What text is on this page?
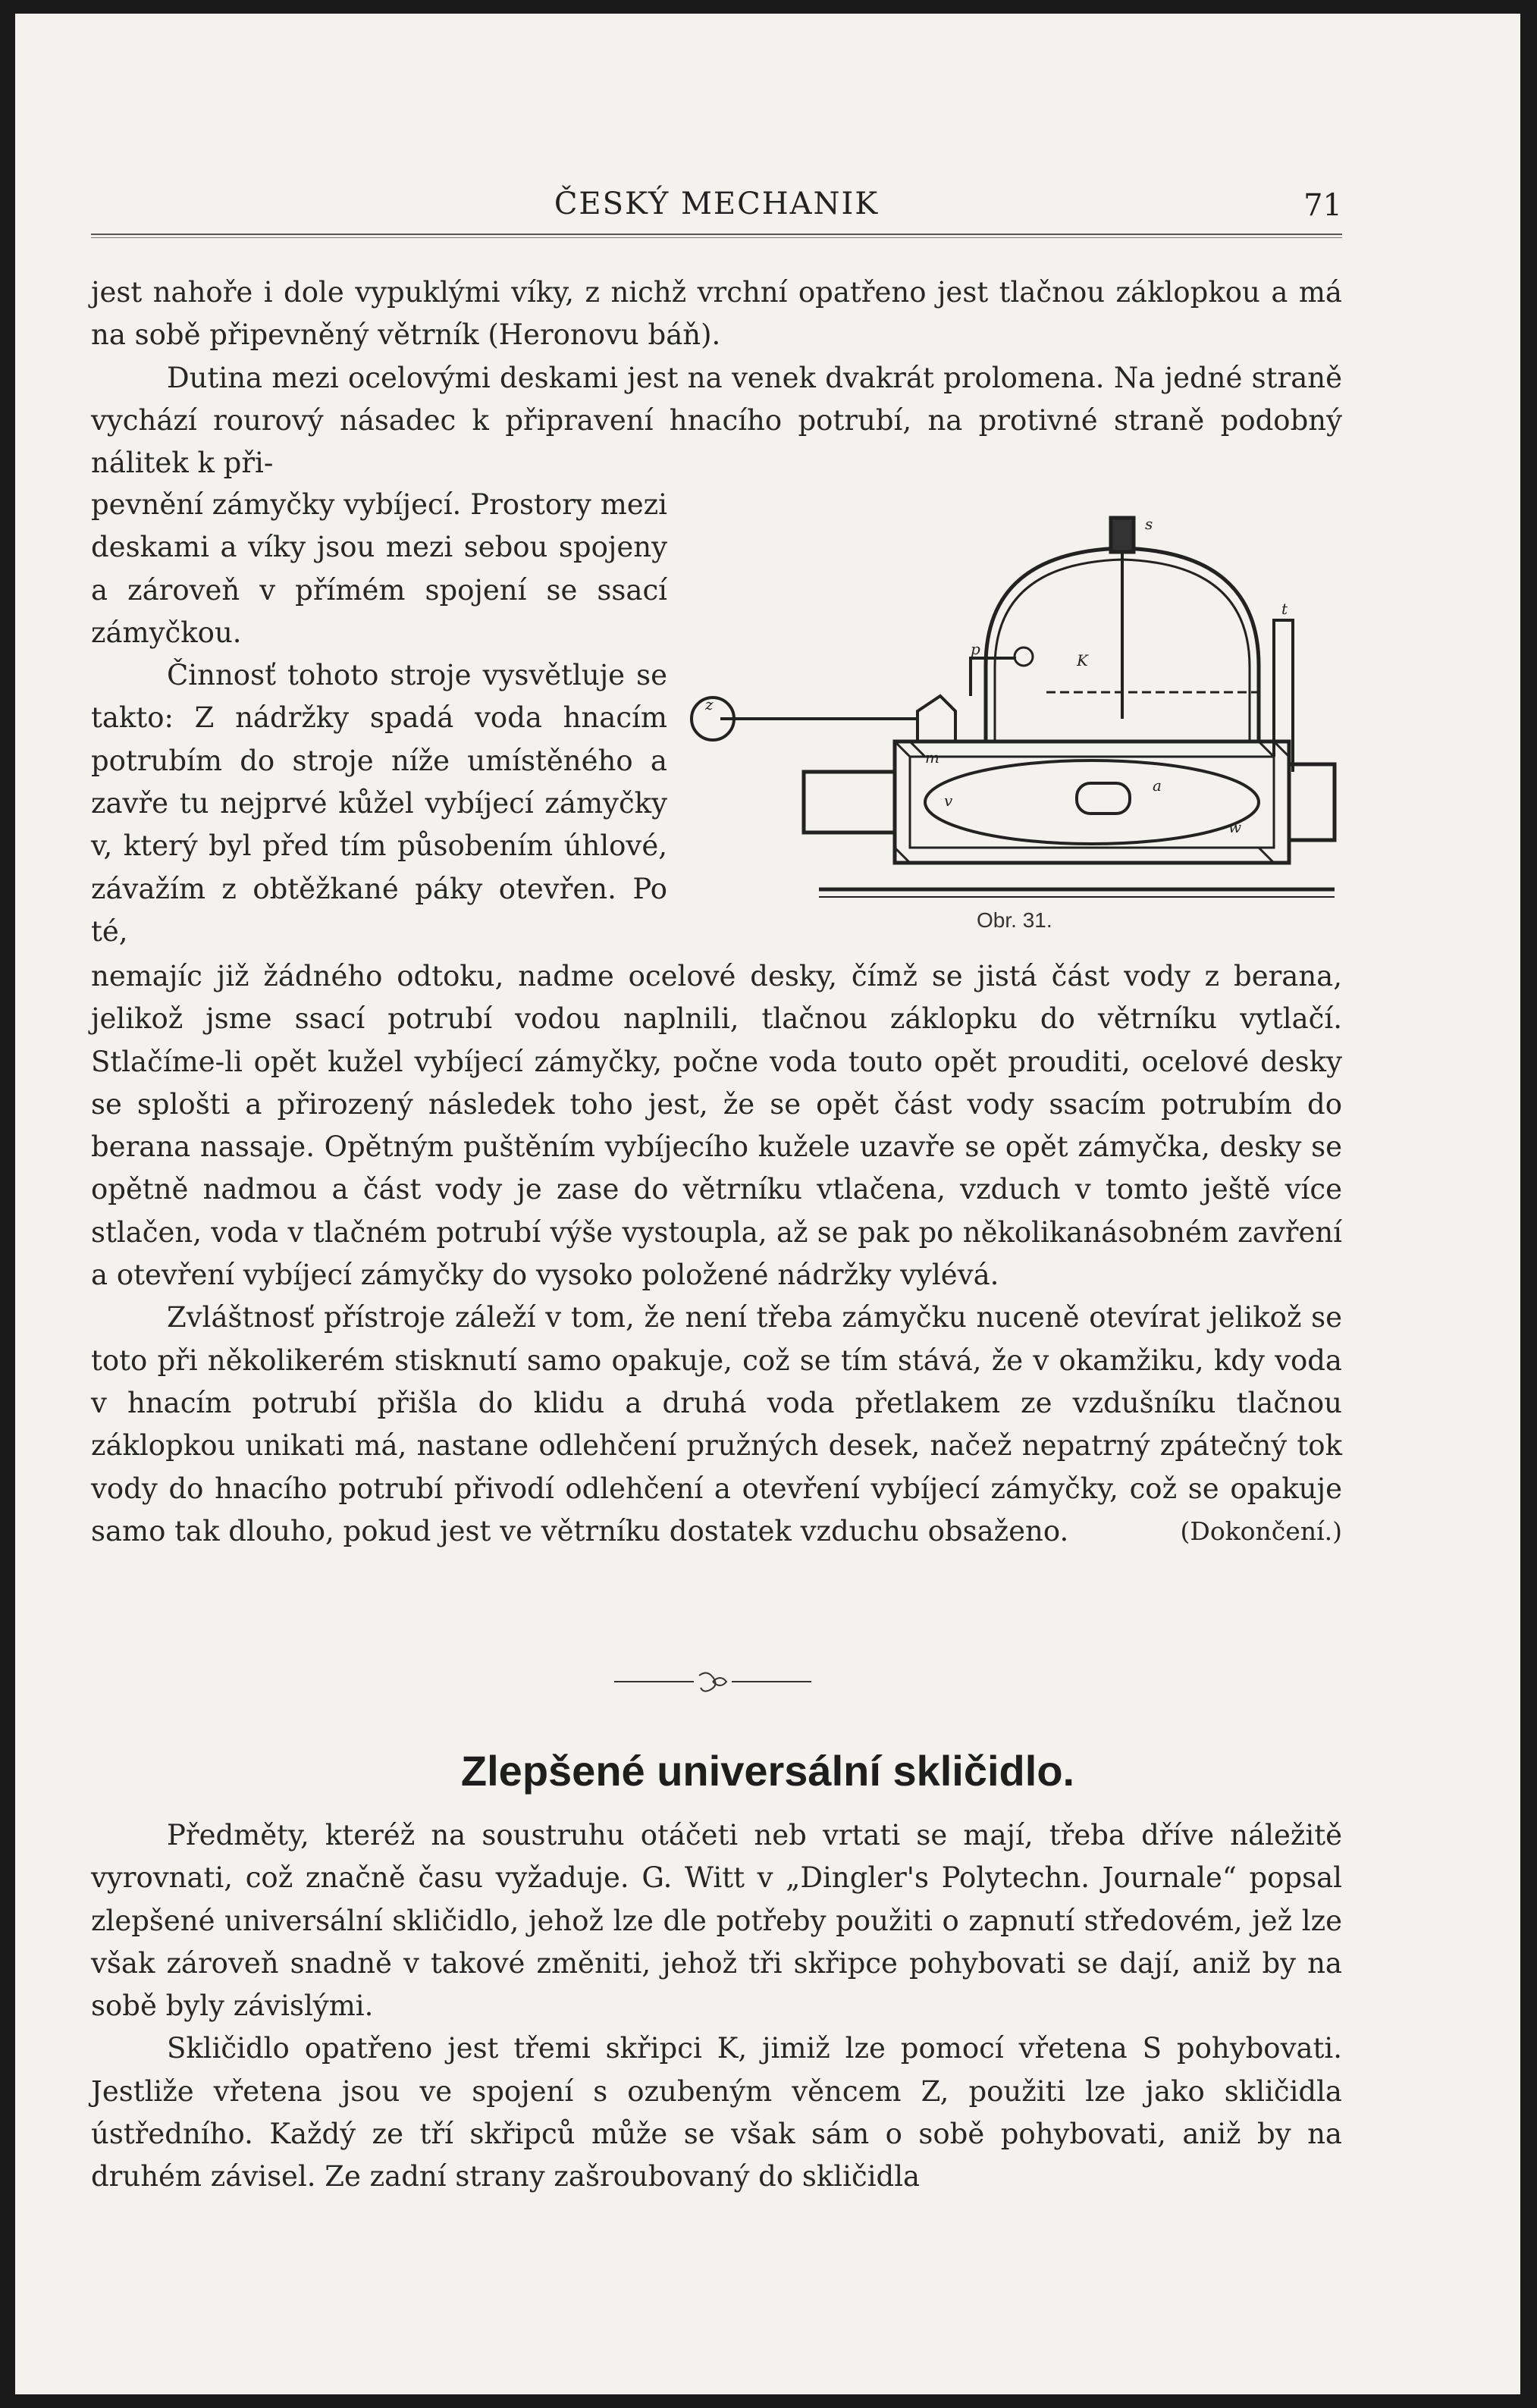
ČESKÝ MECHANIK	71

jest nahoře i dole vypuklými víky, z nichž vrchní opatřeno jest tlačnou záklopkou a má na sobě připevněný větrník (Heronovu báň).

Dutina mezi ocelovými deskami jest na venek dvakrát prolomena. Na jedné straně vychází rourový násadec k připravení hnacího potrubí, na protivné straně podobný nálitek k při-

pevnění zámyčky vybíjecí. Prostory mezi deskami a víky jsou mezi sebou spojeny a zároveň v přímém spojení se ssací zámyčkou.

Činnosť tohoto stroje vysvětluje se takto: Z nádržky spadá voda hnacím potrubím do stroje níže umístěného a zavře tu nejprvé kůžel vybíjecí zámyčky v, který byl před tím působením úhlové, závažím z obtěžkané páky otevřen. Po té,

s
K
t
p
z
v
m
a
w
Obr. 31.

nemajíc již žádného odtoku, nadme ocelové desky, čímž se jistá část vody z berana, jelikož jsme ssací potrubí vodou naplnili, tlačnou záklopku do větrníku vytlačí. Stlačíme-li opět kužel vybíjecí zámyčky, počne voda touto opět prouditi, ocelové desky se splošti a přirozený následek toho jest, že se opět část vody ssacím potrubím do berana nassaje. Opětným puštěním vybíjecího kužele uzavře se opět zámyčka, desky se opětně nadmou a část vody je zase do větrníku vtlačena, vzduch v tomto ještě více stlačen, voda v tlačném potrubí výše vystoupla, až se pak po několikanásobném zavření a otevření vybíjecí zámyčky do vysoko položené nádržky vylévá.

Zvláštnosť přístroje záleží v tom, že není třeba zámyčku nuceně otevírat jelikož se toto při několikerém stisknutí samo opakuje, což se tím stává, že v okamžiku, kdy voda v hnacím potrubí přišla do klidu a druhá voda přetlakem ze vzdušníku tlačnou záklopkou unikati má, nastane odlehčení pružných desek, načež nepatrný zpátečný tok vody do hnacího potrubí přivodí odlehčení a otevření vybíjecí zámyčky, což se opakuje samo tak dlouho, pokud jest ve větrníku dostatek vzduchu obsaženo.	(Dokončení.)

Zlepšené universální skličidlo.

Předměty, kteréž na soustruhu otáčeti neb vrtati se mají, třeba dříve náležitě vyrovnati, což značně času vyžaduje. G. Witt v „Dingler's Polytechn. Journale“ popsal zlepšené universální skličidlo, jehož lze dle potřeby použiti o zapnutí středovém, jež lze však zároveň snadně v takové změniti, jehož tři skřipce pohybovati se dají, aniž by na sobě byly závislými.

Skličidlo opatřeno jest třemi skřipci K, jimiž lze pomocí vřetena S pohybovati. Jestliže vřetena jsou ve spojení s ozubeným věncem Z, použiti lze jako skličidla ústředního. Každý ze tří skřipců může se však sám o sobě pohybovati, aniž by na druhém závisel. Ze zadní strany zašroubovaný do skličidla
